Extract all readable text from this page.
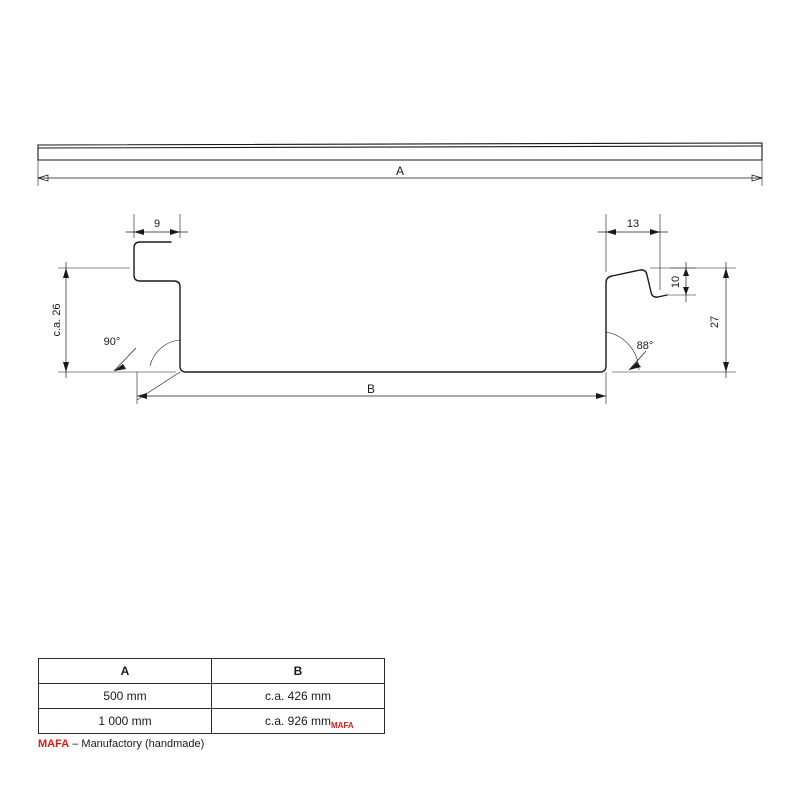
A
9	13
c.a. 26	27
10
90°	88°
B
A	B
500 mm	c.a. 426 mm
1 000 mm	c.a. 926 mm MAFA
MAFA – Manufactory (handmade)
